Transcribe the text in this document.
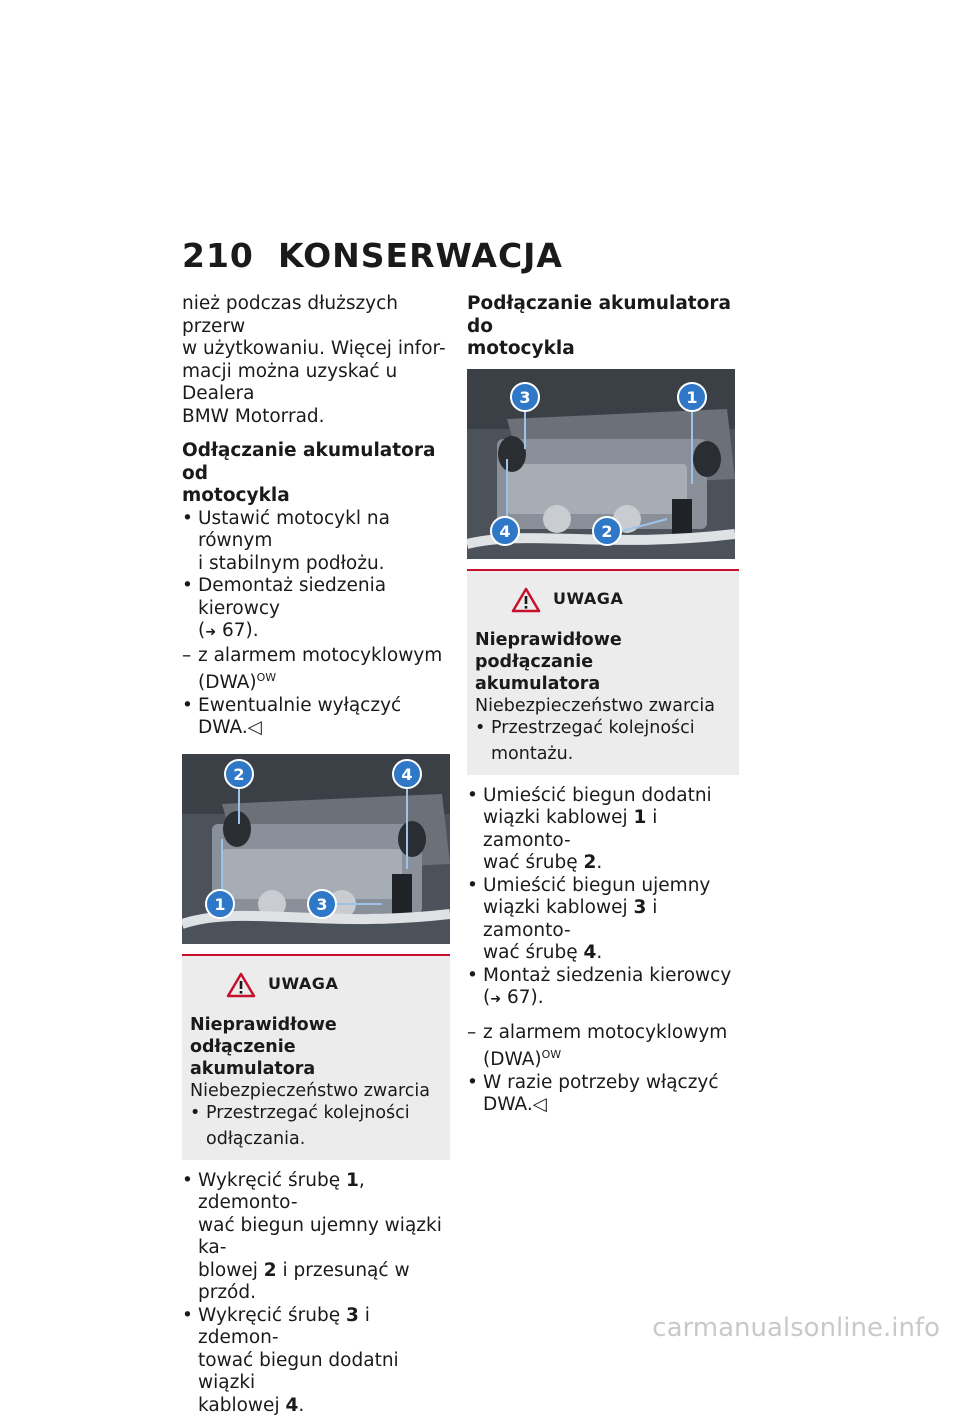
210 KONSERWACJA
nież podczas dłuższych przerw
w użytkowaniu. Więcej infor-
macji można uzyskać u Dealera
BMW Motorrad.
Odłączanie akumulatora od
motocykla
• Ustawić motocykl na równym
i stabilnym podłożu.
• Demontaż siedzenia kierowcy
(➜ 67).
– z alarmem motocyklowym
(DWA)$^{OW}$
• Ewentualnie wyłączyć DWA.◁
2	4
1	3
UWAGA
Nieprawidłowe odłączenie
akumulatora
Niebezpieczeństwo zwarcia
• Przestrzegać kolejności
odłączania.
• Wykręcić śrubę 1, zdemonto-
wać biegun ujemny wiązki ka-
blowej 2 i przesunąć w przód.
• Wykręcić śrubę 3 i zdemon-
tować biegun dodatni wiązki
kablowej 4.
Podłączanie akumulatora do
motocykla
3	1
4	2
UWAGA
Nieprawidłowe podłączanie
akumulatora
Niebezpieczeństwo zwarcia
• Przestrzegać kolejności
montażu.
• Umieścić biegun dodatni
wiązki kablowej 1 i zamonto-
wać śrubę 2.
• Umieścić biegun ujemny
wiązki kablowej 3 i zamonto-
wać śrubę 4.
• Montaż siedzenia kierowcy
(➜ 67).
– z alarmem motocyklowym
(DWA)$^{OW}$
• W razie potrzeby włączyć
DWA.◁
carmanualsonline.info
